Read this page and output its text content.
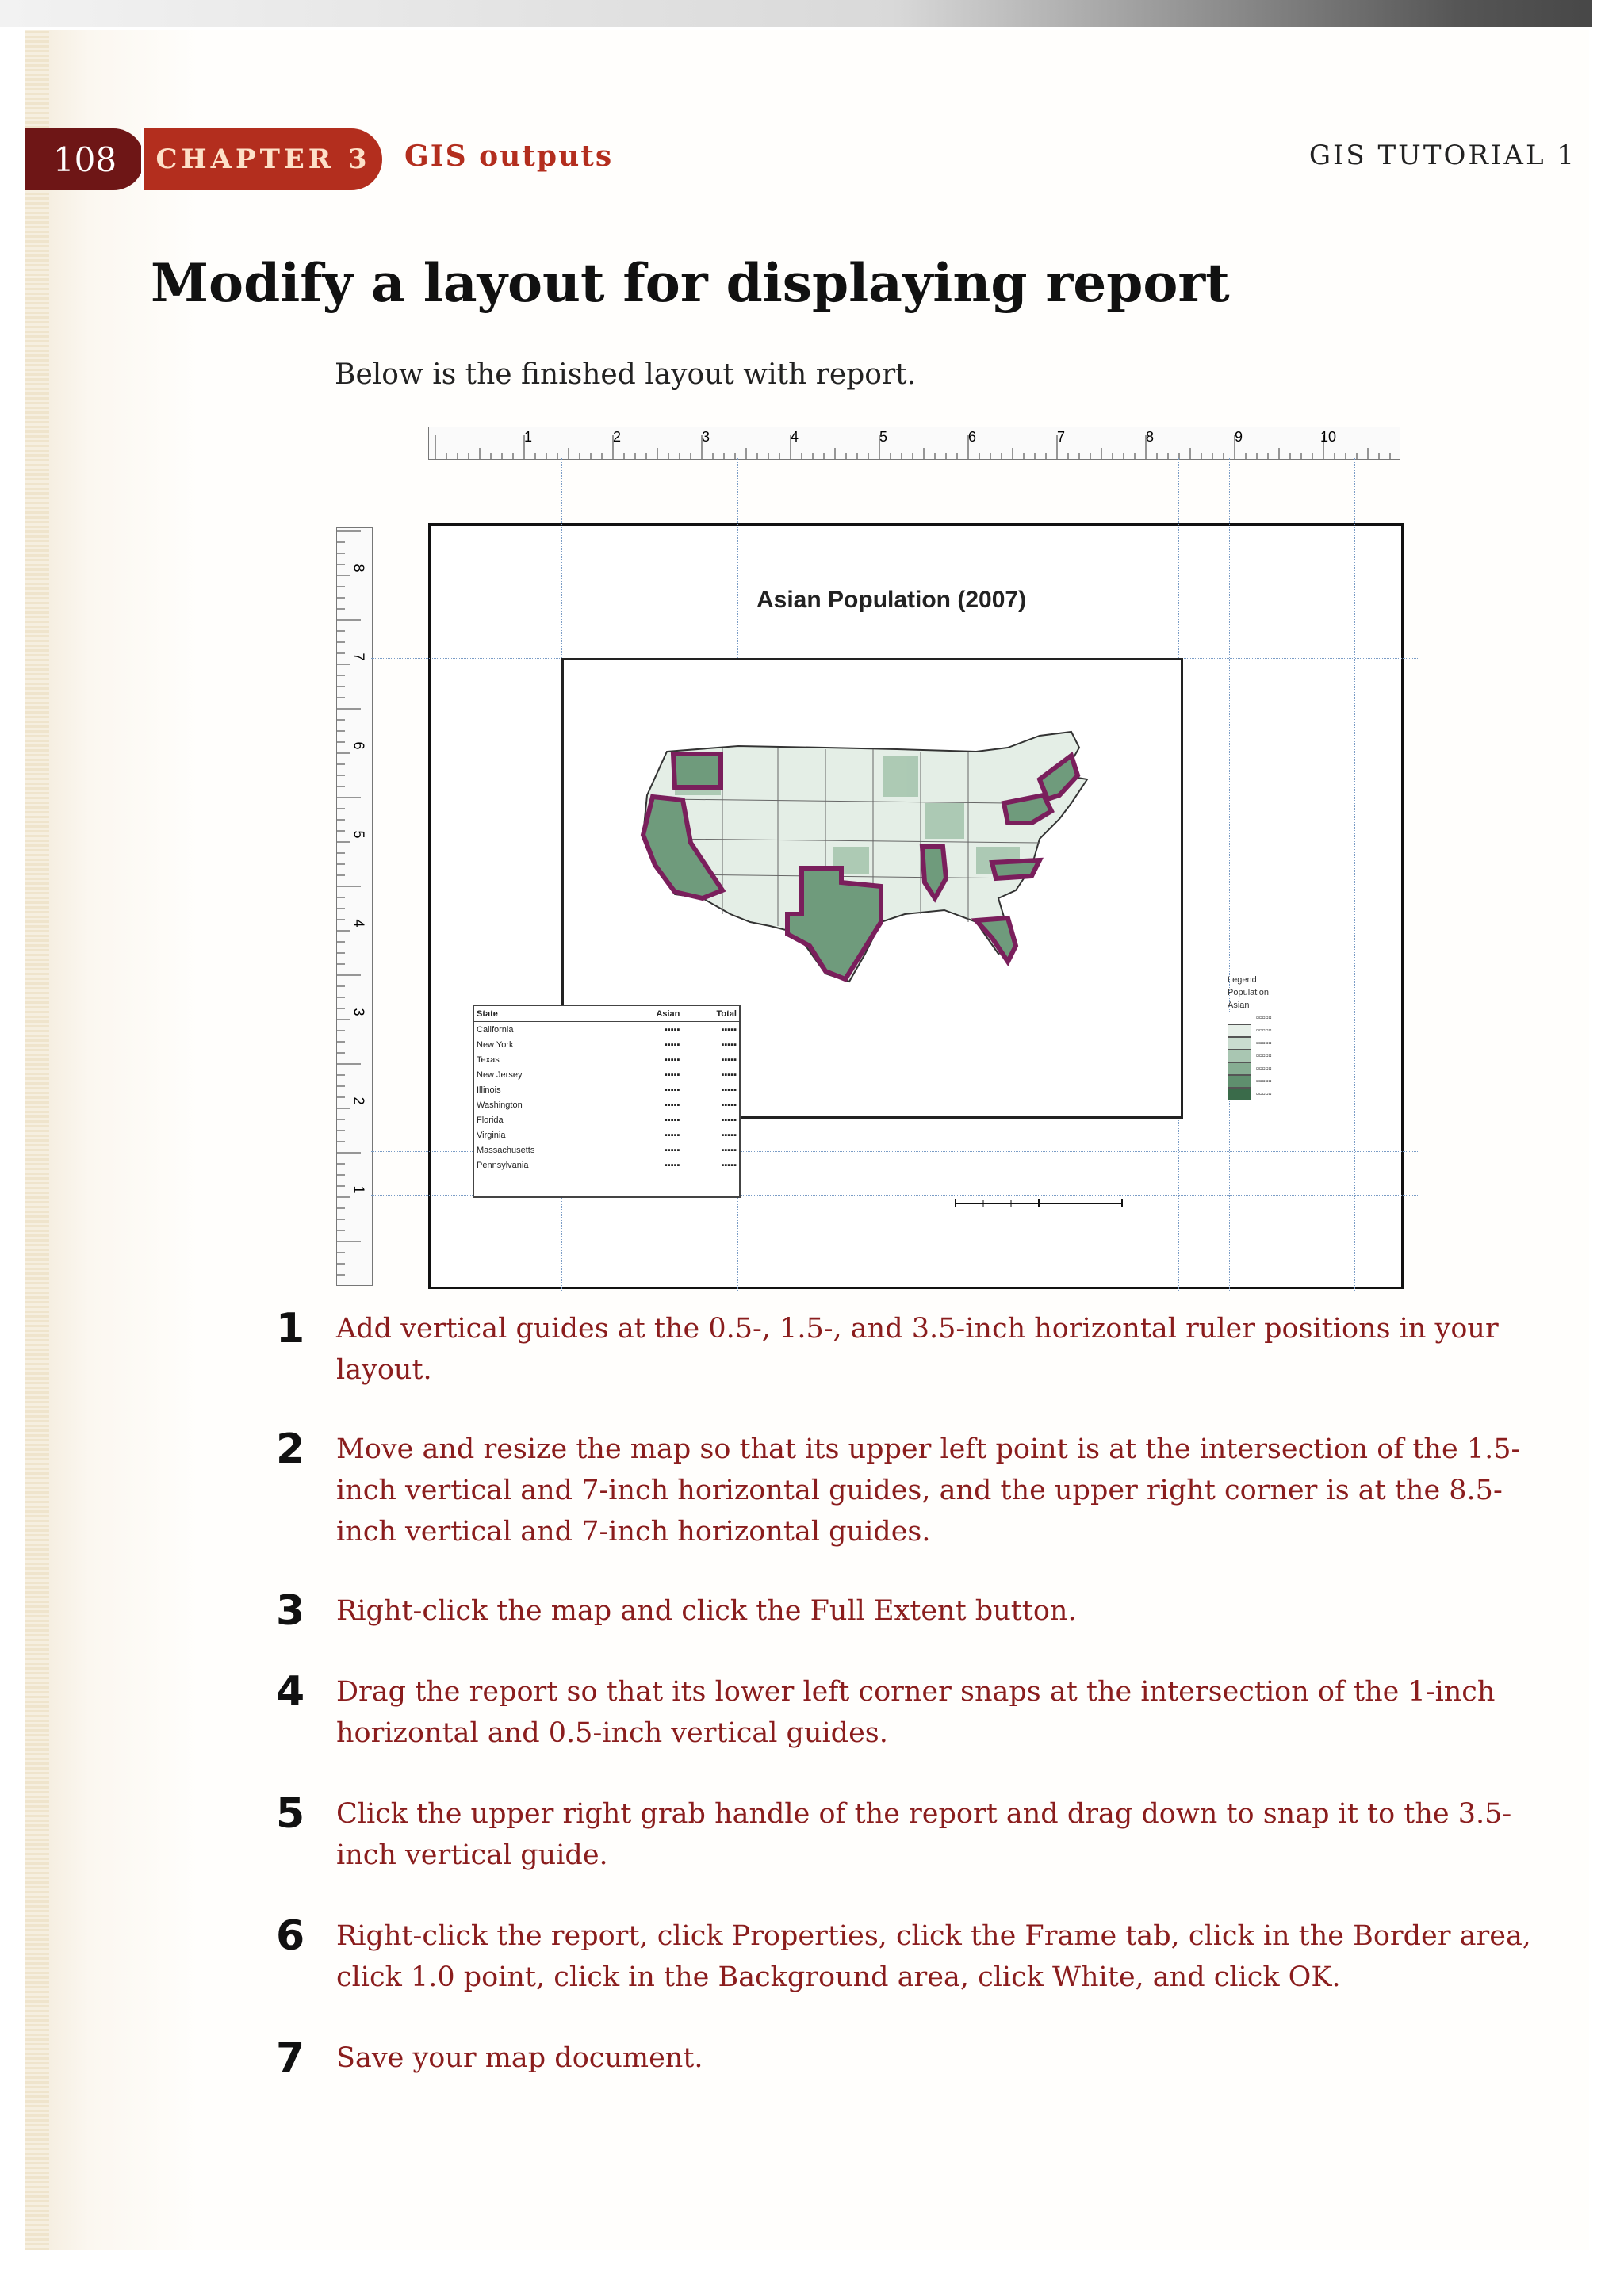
108	CHAPTER 3	GIS outputs	GIS TUTORIAL 1
Modify a layout for displaying report
Below is the finished layout with report.
1	2	3	4	5	6	7	8	9	10
8
7
6
5
4
3
2
1
Asian Population (2007)
State	Asian	Total
California	▪▪▪▪▪	▪▪▪▪▪
New York	▪▪▪▪▪	▪▪▪▪▪
Texas	▪▪▪▪▪	▪▪▪▪▪
New Jersey	▪▪▪▪▪	▪▪▪▪▪
Illinois	▪▪▪▪▪	▪▪▪▪▪
Washington	▪▪▪▪▪	▪▪▪▪▪
Florida	▪▪▪▪▪	▪▪▪▪▪
Virginia	▪▪▪▪▪	▪▪▪▪▪
Massachusetts	▪▪▪▪▪	▪▪▪▪▪
Pennsylvania	▪▪▪▪▪	▪▪▪▪▪
Legend
Population
Asian
▫▫▫▫▫
▫▫▫▫▫
▫▫▫▫▫
▫▫▫▫▫
▫▫▫▫▫
▫▫▫▫▫
▫▫▫▫▫
1 Add vertical guides at the 0.5-, 1.5-, and 3.5-inch horizontal ruler positions in your layout.
2 Move and resize the map so that its upper left point is at the intersection of the 1.5-inch vertical and 7-inch horizontal guides, and the upper right corner is at the 8.5-inch vertical and 7-inch horizontal guides.
3 Right-click the map and click the Full Extent button.
4 Drag the report so that its lower left corner snaps at the intersection of the 1-inch horizontal and 0.5-inch vertical guides.
5 Click the upper right grab handle of the report and drag down to snap it to the 3.5-inch vertical guide.
6 Right-click the report, click Properties, click the Frame tab, click in the Border area, click 1.0 point, click in the Background area, click White, and click OK.
7 Save your map document.
